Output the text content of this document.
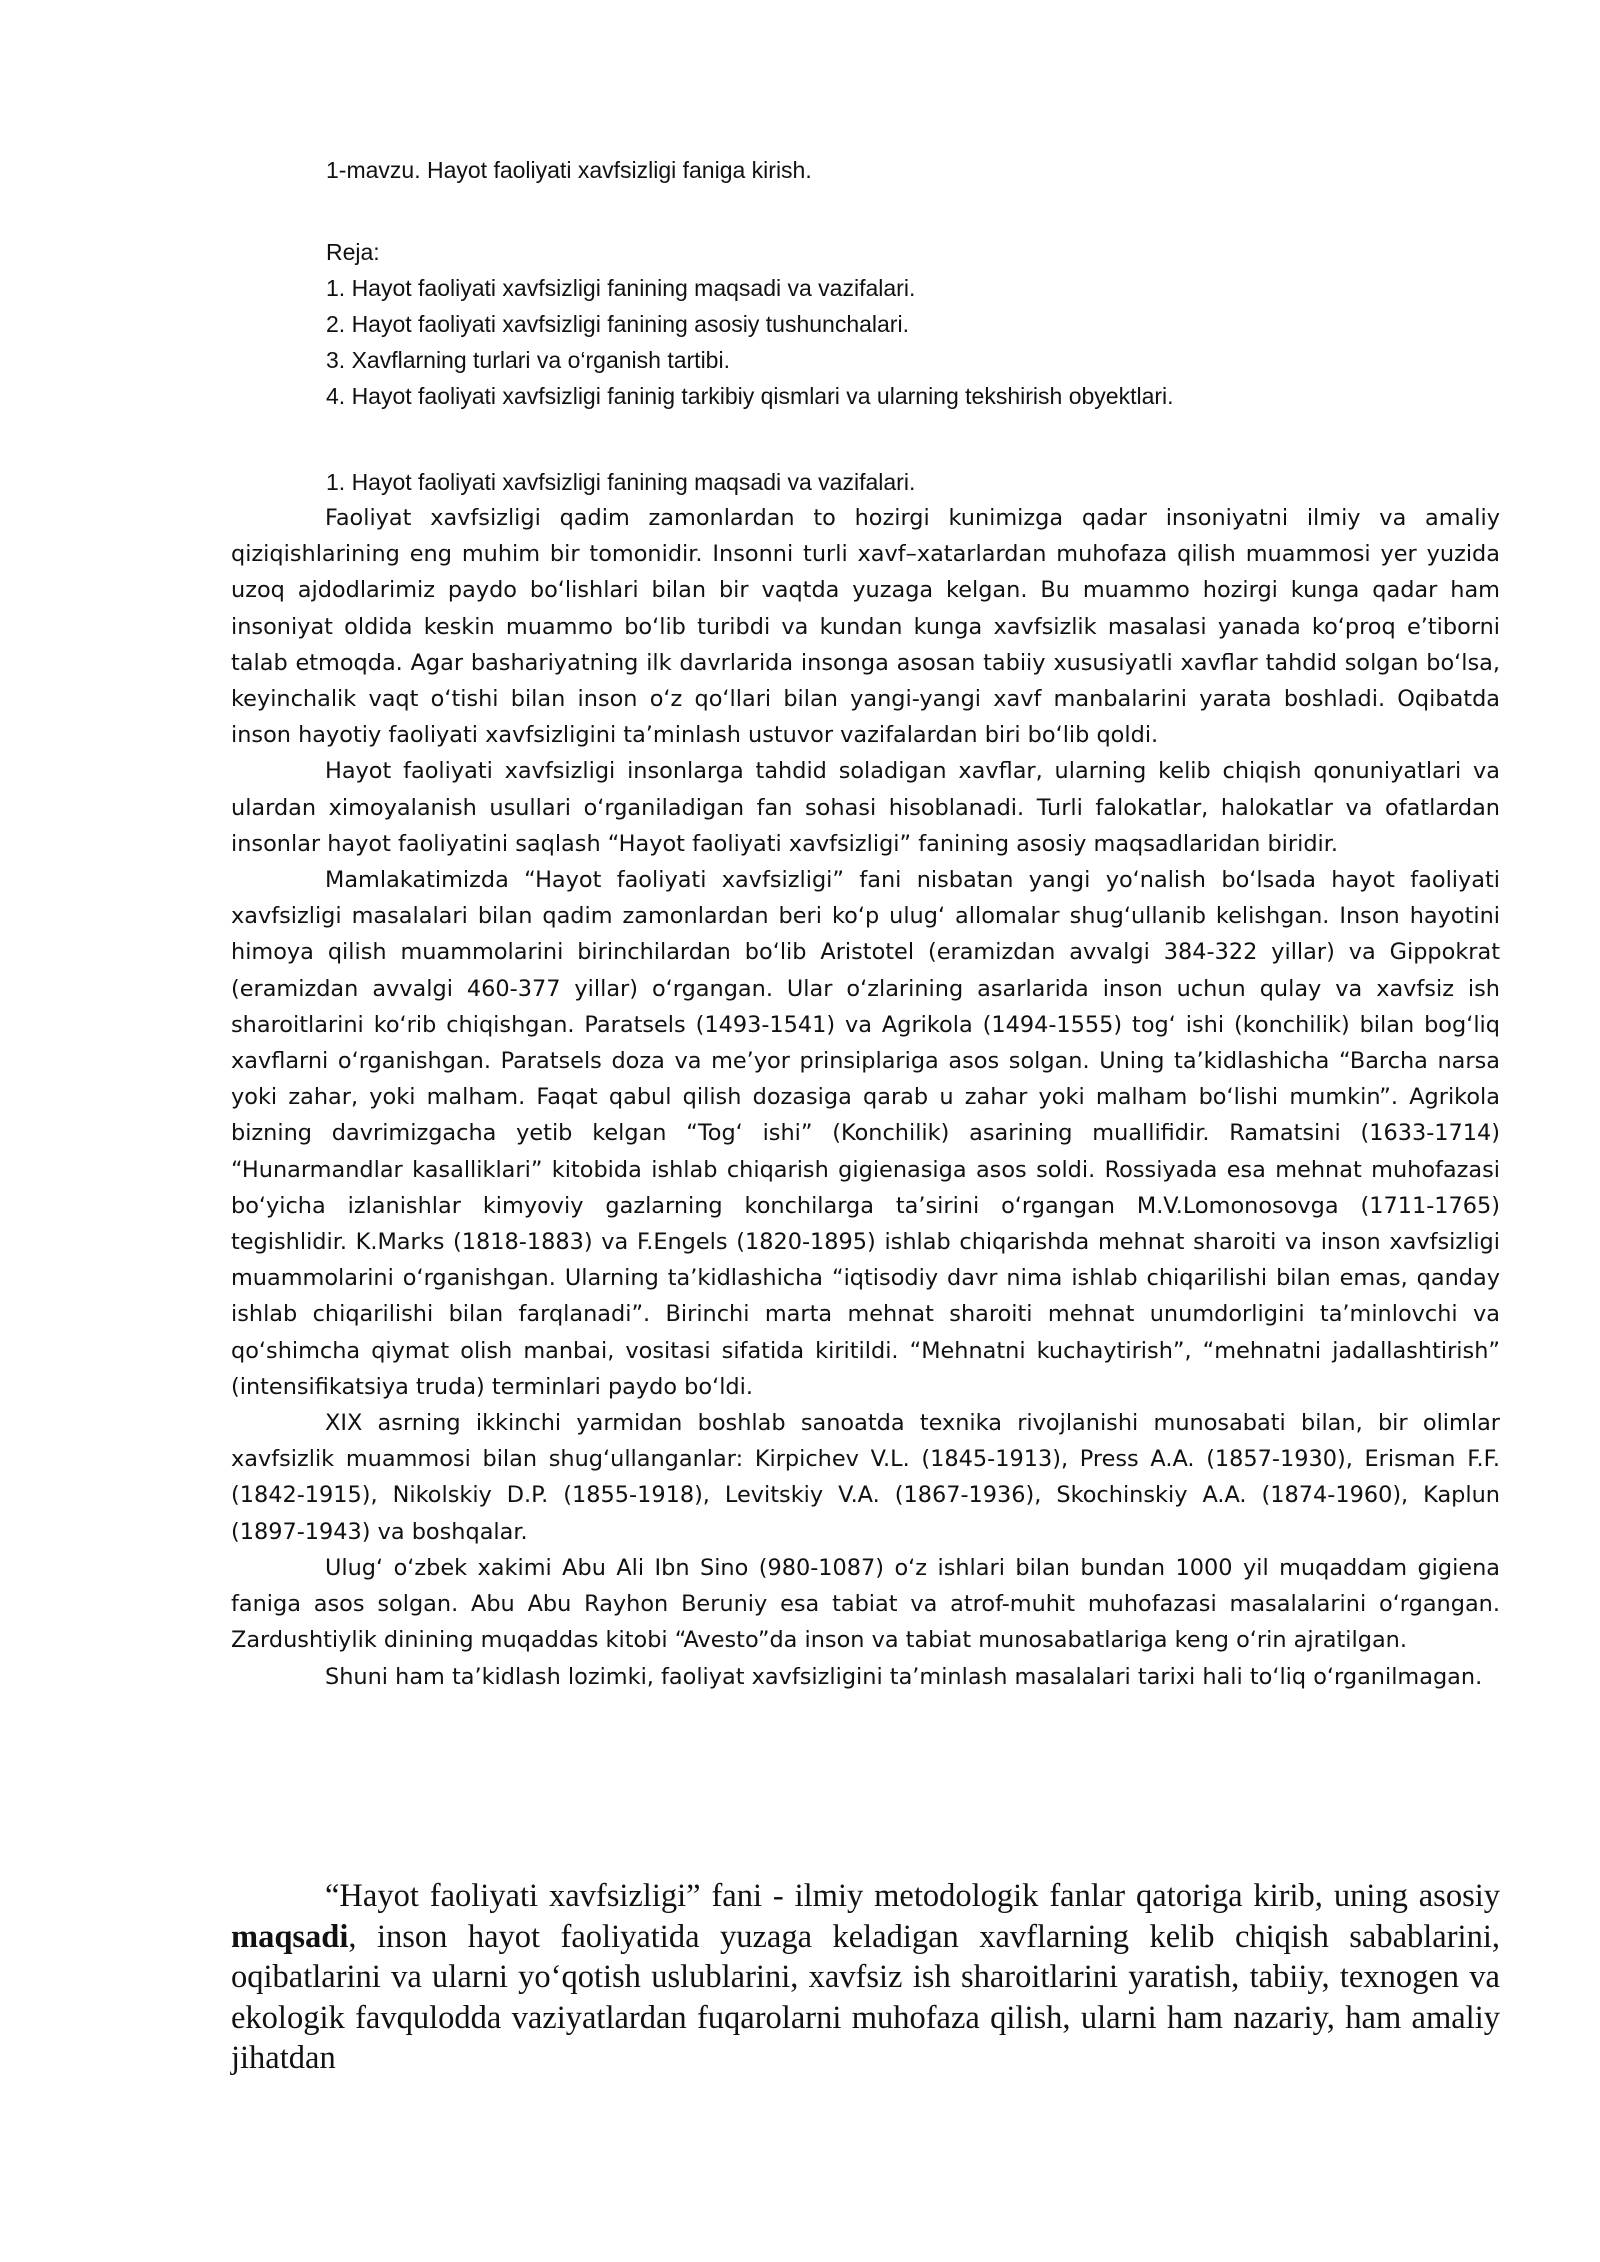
1-mavzu. Hayot faoliyati xavfsizligi faniga kirish.
Reja:
1. Hayot faoliyati xavfsizligi fanining maqsadi va vazifalari.
2. Hayot faoliyati xavfsizligi fanining asosiy tushunchalari.
3. Xavflarning turlari va o‘rganish tartibi.
4. Hayot faoliyati xavfsizligi faninig tarkibiy qismlari va ularning tekshirish obyektlari.
1. Hayot faoliyati xavfsizligi fanining maqsadi va vazifalari.

Faoliyat xavfsizligi qadim zamonlardan to hozirgi kunimizga qadar insoniyatni ilmiy va amaliy qiziqishlarining eng muhim bir tomonidir. Insonni turli xavf–xatarlardan muhofaza qilish muammosi yer yuzida uzoq ajdodlarimiz paydo bo‘lishlari bilan bir vaqtda yuzaga kelgan. Bu muammo hozirgi kunga qadar ham insoniyat oldida keskin muammo bo‘lib turibdi va kundan kunga xavfsizlik masalasi yanada ko‘proq e’tiborni talab etmoqda. Agar bashariyatning ilk davrlarida insonga asosan tabiiy xususiyatli xavflar tahdid solgan bo‘lsa, keyinchalik vaqt o‘tishi bilan inson o‘z qo‘llari bilan yangi-yangi xavf manbalarini yarata boshladi. Oqibatda inson hayotiy faoliyati xavfsizligini ta’minlash ustuvor vazifalardan biri bo‘lib qoldi.

Hayot faoliyati xavfsizligi insonlarga tahdid soladigan xavflar, ularning kelib chiqish qonuniyatlari va ulardan ximoyalanish usullari o‘rganiladigan fan sohasi hisoblanadi. Turli falokatlar, halokatlar va ofatlardan insonlar hayot faoliyatini saqlash “Hayot faoliyati xavfsizligi” fanining asosiy maqsadlaridan biridir.

Mamlakatimizda “Hayot faoliyati xavfsizligi” fani nisbatan yangi yo‘nalish bo‘lsada hayot faoliyati xavfsizligi masalalari bilan qadim zamonlardan beri ko‘p ulug‘ allomalar shug‘ullanib kelishgan. Inson hayotini himoya qilish muammolarini birinchilardan bo‘lib Aristotel (eramizdan avvalgi 384-322 yillar) va Gippokrat (eramizdan avvalgi 460-377 yillar) o‘rgangan. Ular o‘zlarining asarlarida inson uchun qulay va xavfsiz ish sharoitlarini ko‘rib chiqishgan. Paratsels (1493-1541) va Agrikola (1494-1555) tog‘ ishi (konchilik) bilan bog‘liq xavflarni o‘rganishgan. Paratsels doza va me’yor prinsiplariga asos solgan. Uning ta’kidlashicha “Barcha narsa yoki zahar, yoki malham. Faqat qabul qilish dozasiga qarab u zahar yoki malham bo‘lishi mumkin”. Agrikola bizning davrimizgacha yetib kelgan “Tog‘ ishi” (Konchilik) asarining muallifidir. Ramatsini (1633-1714) “Hunarmandlar kasalliklari” kitobida ishlab chiqarish gigienasiga asos soldi. Rossiyada esa mehnat muhofazasi bo‘yicha izlanishlar kimyoviy gazlarning konchilarga ta’sirini o‘rgangan M.V.Lomonosovga (1711-1765) tegishlidir. K.Marks (1818-1883) va F.Engels (1820-1895) ishlab chiqarishda mehnat sharoiti va inson xavfsizligi muammolarini o‘rganishgan. Ularning ta’kidlashicha “iqtisodiy davr nima ishlab chiqarilishi bilan emas, qanday ishlab chiqarilishi bilan farqlanadi”. Birinchi marta mehnat sharoiti mehnat unumdorligini ta’minlovchi va qo‘shimcha qiymat olish manbai, vositasi sifatida kiritildi. “Mehnatni kuchaytirish”, “mehnatni jadallashtirish” (intensifikatsiya truda) terminlari paydo bo‘ldi.

XIX asrning ikkinchi yarmidan boshlab sanoatda texnika rivojlanishi munosabati bilan, bir olimlar xavfsizlik muammosi bilan shug‘ullanganlar: Kirpichev V.L. (1845-1913), Press A.A. (1857-1930), Erisman F.F. (1842-1915), Nikolskiy D.P. (1855-1918), Levitskiy V.A. (1867-1936), Skochinskiy A.A. (1874-1960), Kaplun (1897-1943) va boshqalar.

Ulug‘ o‘zbek xakimi Abu Ali Ibn Sino (980-1087) o‘z ishlari bilan bundan 1000 yil muqaddam gigiena faniga asos solgan. Abu Abu Rayhon Beruniy esa tabiat va atrof-muhit muhofazasi masalalarini o‘rgangan. Zardushtiylik dinining muqaddas kitobi “Avesto”da inson va tabiat munosabatlariga keng o‘rin ajratilgan.

Shuni ham ta’kidlash lozimki, faoliyat xavfsizligini ta’minlash masalalari tarixi hali to‘liq o‘rganilmagan.

“Hayot faoliyati xavfsizligi” fani - ilmiy metodologik fanlar qatoriga kirib, uning asosiy maqsadi, inson hayot faoliyatida yuzaga keladigan xavflarning kelib chiqish sabablarini, oqibatlarini va ularni yo‘qotish uslublarini, xavfsiz ish sharoitlarini yaratish, tabiiy, texnogen va ekologik favqulodda vaziyatlardan fuqarolarni muhofaza qilish, ularni ham nazariy, ham amaliy jihatdan
